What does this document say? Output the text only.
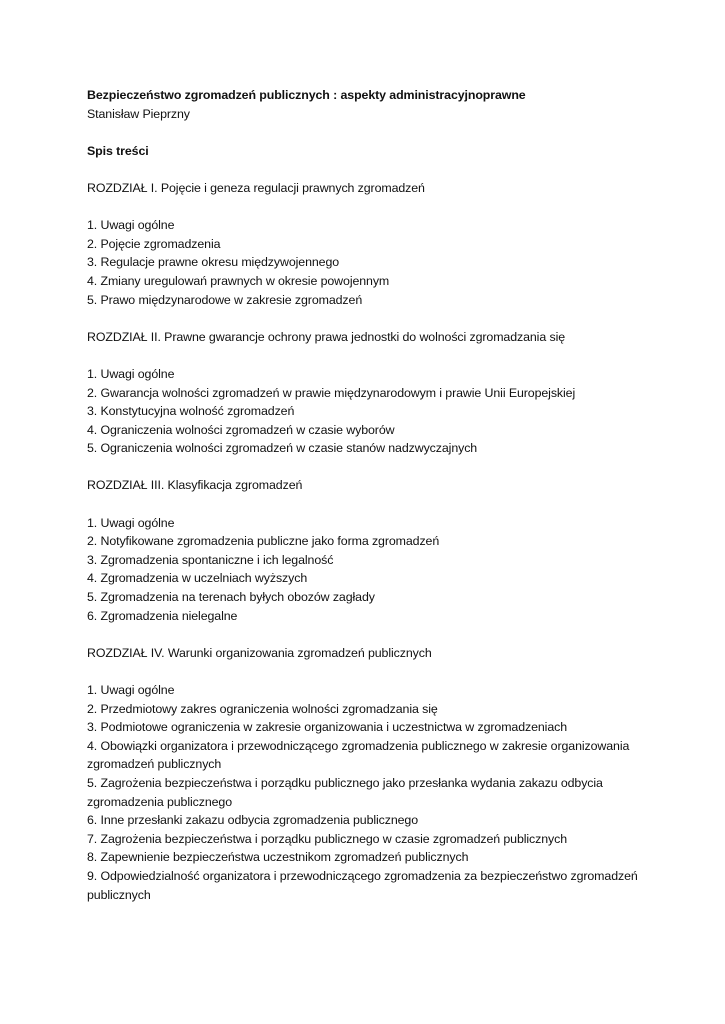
Bezpieczeństwo zgromadzeń publicznych : aspekty administracyjnoprawne

Stanisław Pieprzny

Spis treści

ROZDZIAŁ I. Pojęcie i geneza regulacji prawnych zgromadzeń

1. Uwagi ogólne
2. Pojęcie zgromadzenia
3. Regulacje prawne okresu międzywojennego
4. Zmiany uregulowań prawnych w okresie powojennym
5. Prawo międzynarodowe w zakresie zgromadzeń

ROZDZIAŁ II. Prawne gwarancje ochrony prawa jednostki do wolności zgromadzania się

1. Uwagi ogólne
2. Gwarancja wolności zgromadzeń w prawie międzynarodowym i prawie Unii Europejskiej
3. Konstytucyjna wolność zgromadzeń
4. Ograniczenia wolności zgromadzeń w czasie wyborów
5. Ograniczenia wolności zgromadzeń w czasie stanów nadzwyczajnych

ROZDZIAŁ III. Klasyfikacja zgromadzeń

1. Uwagi ogólne
2. Notyfikowane zgromadzenia publiczne jako forma zgromadzeń
3. Zgromadzenia spontaniczne i ich legalność
4. Zgromadzenia w uczelniach wyższych
5. Zgromadzenia na terenach byłych obozów zagłady
6. Zgromadzenia nielegalne

ROZDZIAŁ IV. Warunki organizowania zgromadzeń publicznych

1. Uwagi ogólne
2. Przedmiotowy zakres ograniczenia wolności zgromadzania się
3. Podmiotowe ograniczenia w zakresie organizowania i uczestnictwa w zgromadzeniach
4. Obowiązki organizatora i przewodniczącego zgromadzenia publicznego w zakresie organizowania zgromadzeń publicznych
5. Zagrożenia bezpieczeństwa i porządku publicznego jako przesłanka wydania zakazu odbycia zgromadzenia publicznego
6. Inne przesłanki zakazu odbycia zgromadzenia publicznego
7. Zagrożenia bezpieczeństwa i porządku publicznego w czasie zgromadzeń publicznych
8. Zapewnienie bezpieczeństwa uczestnikom zgromadzeń publicznych
9. Odpowiedzialność organizatora i przewodniczącego zgromadzenia za bezpieczeństwo zgromadzeń publicznych
